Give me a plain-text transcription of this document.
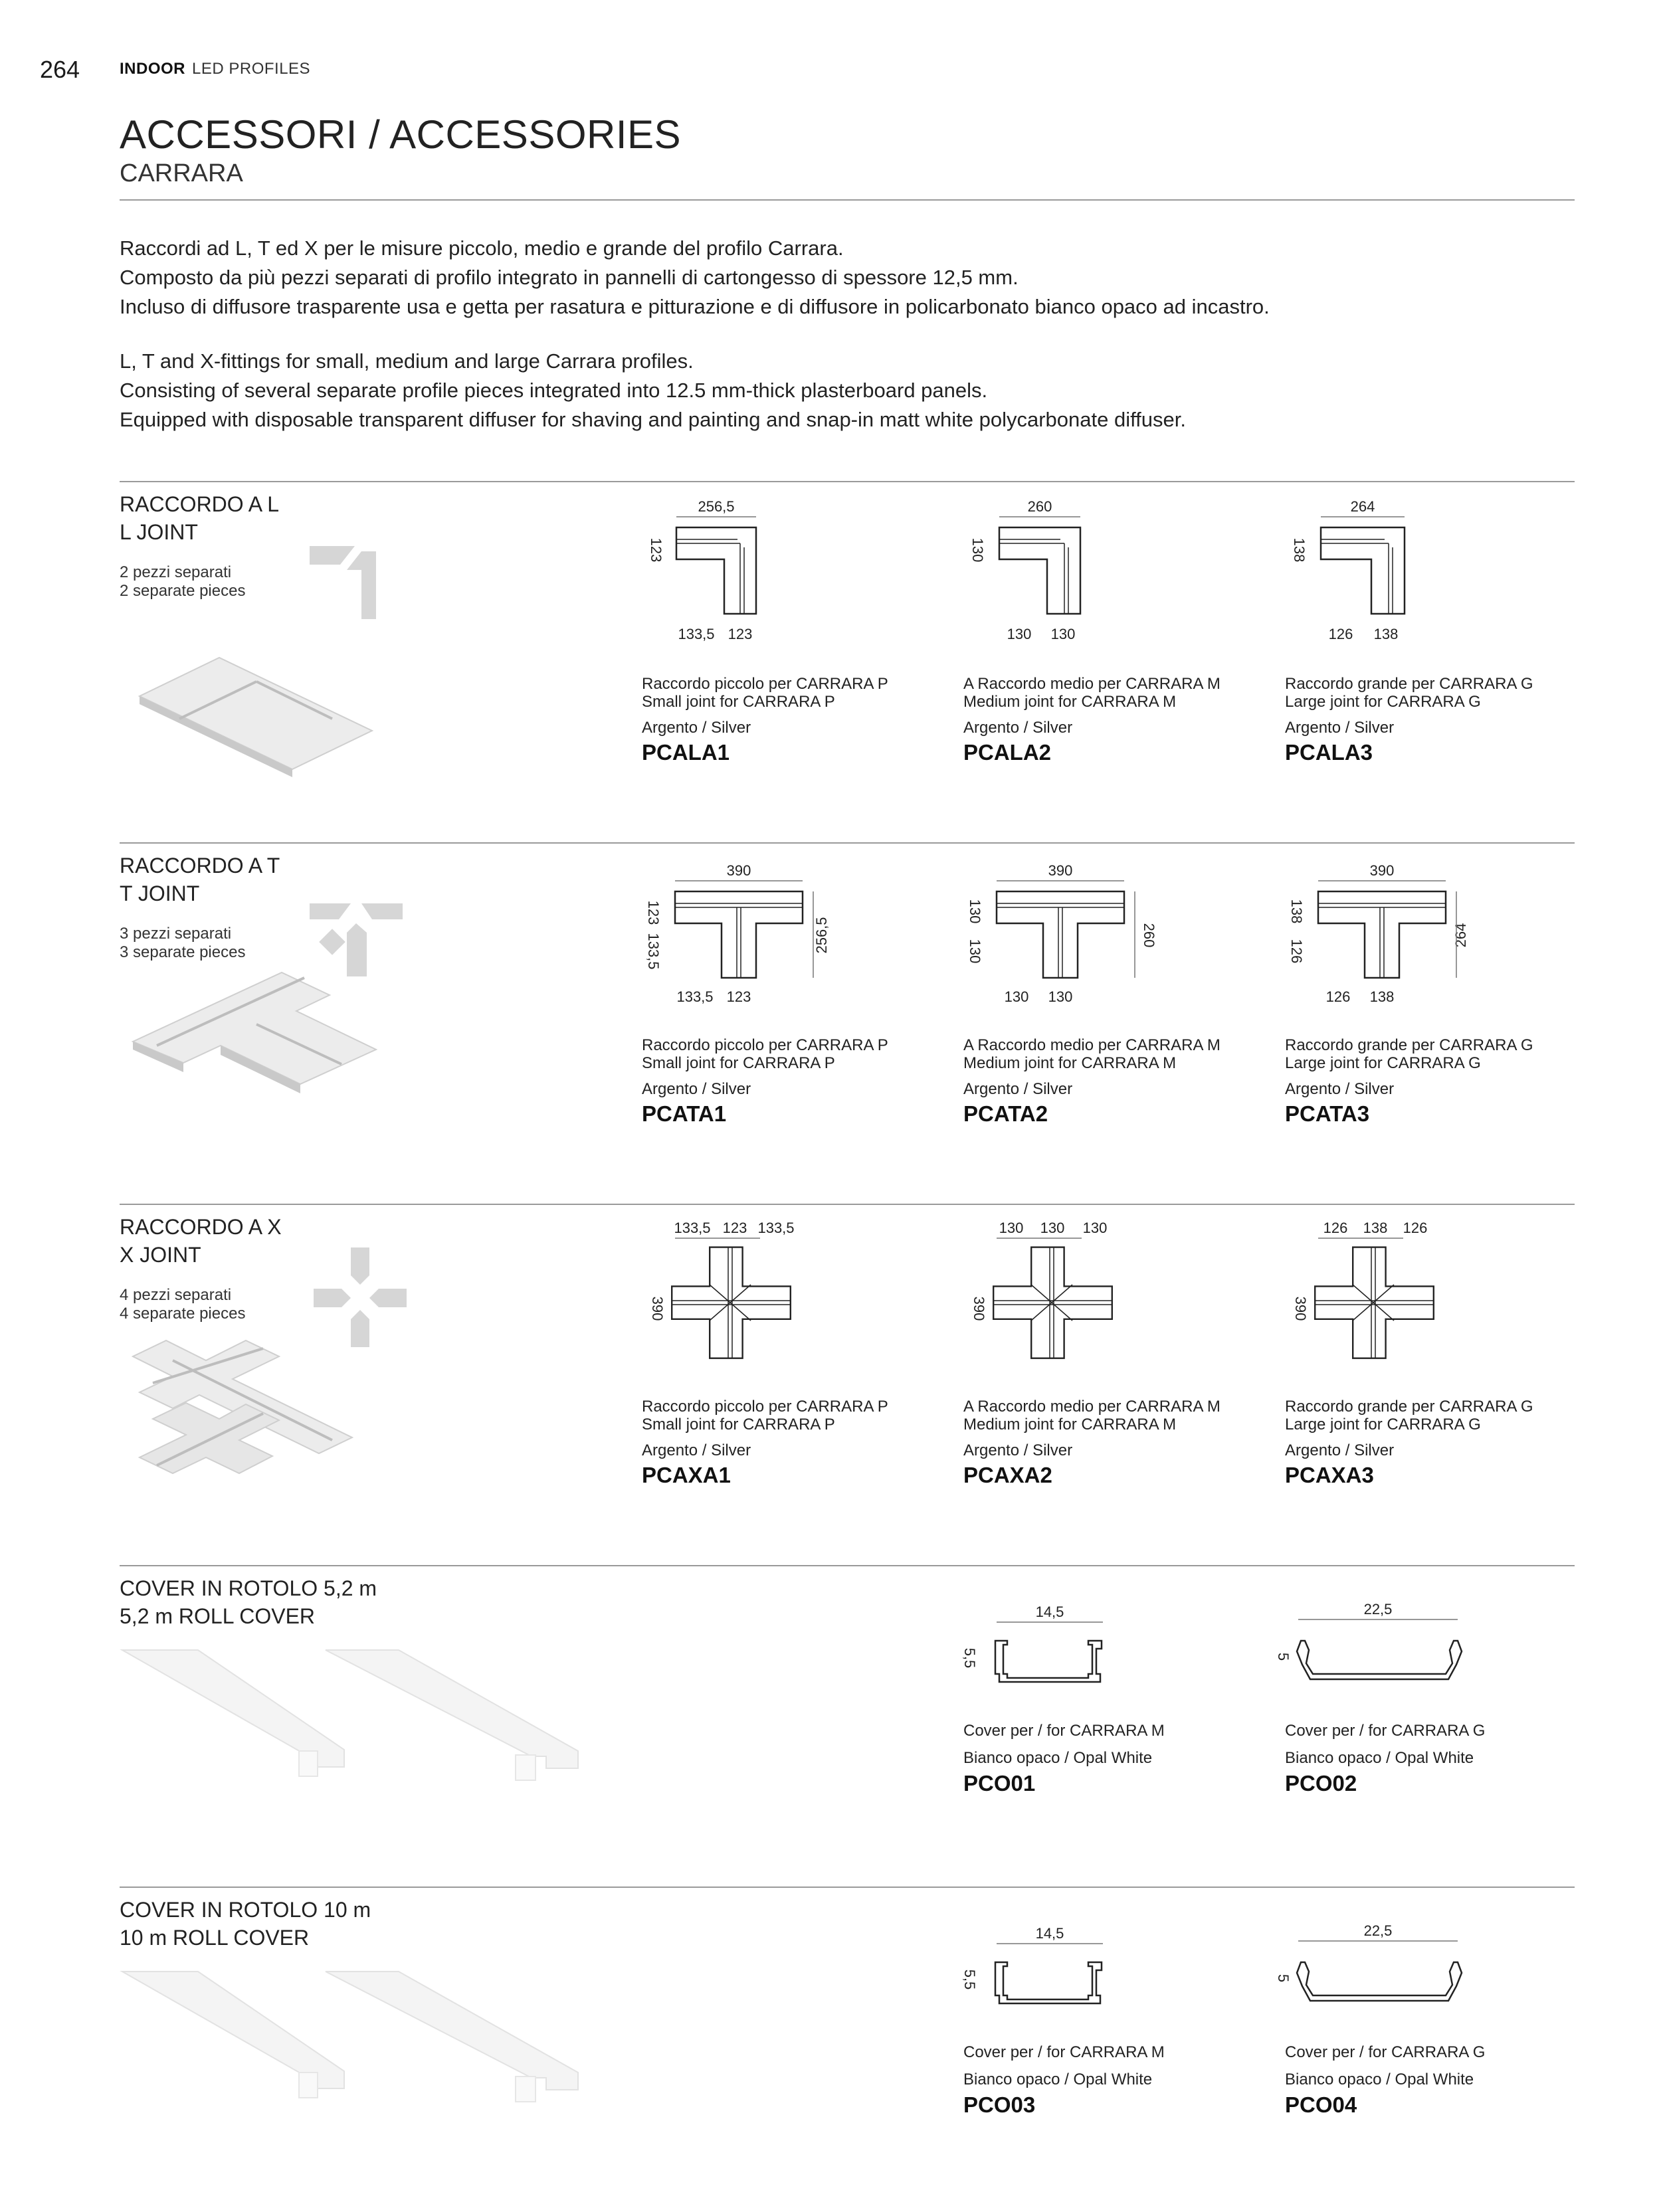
264 INDOOR LED PROFILES
ACCESSORI / ACCESSORIES
CARRARA
Raccordi ad L, T ed X per le misure piccolo, medio e grande del profilo Carrara.
Composto da più pezzi separati di profilo integrato in pannelli di cartongesso di spessore 12,5 mm.
Incluso di diffusore trasparente usa e getta per rasatura e pitturazione e di diffusore in policarbonato bianco opaco ad incastro.
L, T and X-fittings for small, medium and large Carrara profiles.
Consisting of several separate profile pieces integrated into 12.5 mm-thick plasterboard panels.
Equipped with disposable transparent diffuser for shaving and painting and snap-in matt white polycarbonate diffuser.
RACCORDO A L
L JOINT
2 pezzi separati
2 separate pieces
256,5
123
133,5 123
260
130
130 130
264
138
126 138
Raccordo piccolo per CARRARA P
Small joint for CARRARA P
Argento / Silver
PCALA1
A Raccordo medio per CARRARA M
Medium joint for CARRARA M
Argento / Silver
PCALA2
Raccordo grande per CARRARA G
Large joint for CARRARA G
Argento / Silver
PCALA3
RACCORDO A T
T JOINT
3 pezzi separati
3 separate pieces
390
123
133,5	256,5
133,5 123
390
130
130
260
130 130
390
138
126
264
126 138
Raccordo piccolo per CARRARA P
Small joint for CARRARA P
Argento / Silver
PCATA1
A Raccordo medio per CARRARA M
Medium joint for CARRARA M
Argento / Silver
PCATA2
Raccordo grande per CARRARA G
Large joint for CARRARA G
Argento / Silver
PCATA3
RACCORDO A X
X JOINT
4 pezzi separati
4 separate pieces
133,5 123 133,5
390
130 130 130
390
126 138 126
390
Raccordo piccolo per CARRARA P
Small joint for CARRARA P
Argento / Silver
PCAXA1
A Raccordo medio per CARRARA M
Medium joint for CARRARA M
Argento / Silver
PCAXA2
Raccordo grande per CARRARA G
Large joint for CARRARA G
Argento / Silver
PCAXA3
COVER IN ROTOLO 5,2 m
5,2 m ROLL COVER	14,5
5,5
22,5
5
Cover per / for CARRARA M
Bianco opaco / Opal White
PCO01
Cover per / for CARRARA G
Bianco opaco / Opal White
PCO02
COVER IN ROTOLO 10 m
10 m ROLL COVER	14,5
5,5
22,5
5
Cover per / for CARRARA M
Bianco opaco / Opal White
PCO03
Cover per / for CARRARA G
Bianco opaco / Opal White
PCO04
